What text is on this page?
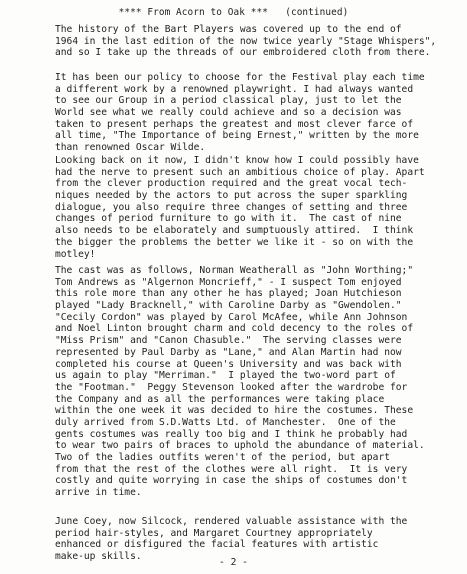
**** From Acorn to Oak *** (continued)
The history of the Bart Players was covered up to the end of
1964 in the last edition of the now twice yearly "Stage Whispers",
and so I take up the threads of our embroidered cloth from there.
It has been our policy to choose for the Festival play each time
a different work by a renowned playwright. I had always wanted
to see our Group in a period classical play, just to let the
World see what we really could achieve and so a decision was
taken to present perhaps the greatest and most clever farce of
all time, "The Importance of being Ernest," written by the more
than renowned Oscar Wilde.
Looking back on it now, I didn't know how I could possibly have
had the nerve to present such an ambitious choice of play. Apart
from the clever production required and the great vocal tech-
niques needed by the actors to put across the super sparkling
dialogue, you also require three changes of setting and three
changes of period furniture to go with it.  The cast of nine
also needs to be elaborately and sumptuously attired.  I think
the bigger the problems the better we like it - so on with the
motley!
The cast was as follows, Norman Weatherall as "John Worthing;"
Tom Andrews as "Algernon Moncrieff," - I suspect Tom enjoyed
this role more than any other he has played; Joan Hutchieson
played "Lady Bracknell," with Caroline Darby as "Gwendolen."
"Cecily Cordon" was played by Carol McAfee, while Ann Johnson
and Noel Linton brought charm and cold decency to the roles of
"Miss Prism" and "Canon Chasuble."  The serving classes were
represented by Paul Darby as "Lane," and Alan Martin had now
completed his course at Queen's University and was back with
us again to play "Merriman."  I played the two-word part of
the "Footman."  Peggy Stevenson looked after the wardrobe for
the Company and as all the performances were taking place
within the one week it was decided to hire the costumes. These
duly arrived from S.D.Watts Ltd. of Manchester.  One of the
gents costumes was really too big and I think he probably had
to wear two pairs of braces to uphold the abundance of material.
Two of the ladies outfits weren't of the period, but apart
from that the rest of the clothes were all right.  It is very
costly and quite worrying in case the ships of costumes don't
arrive in time.
June Coey, now Silcock, rendered valuable assistance with the
period hair-styles, and Margaret Courtney appropriately
enhanced or disfigured the facial features with artistic
make-up skills.
- 2 -
